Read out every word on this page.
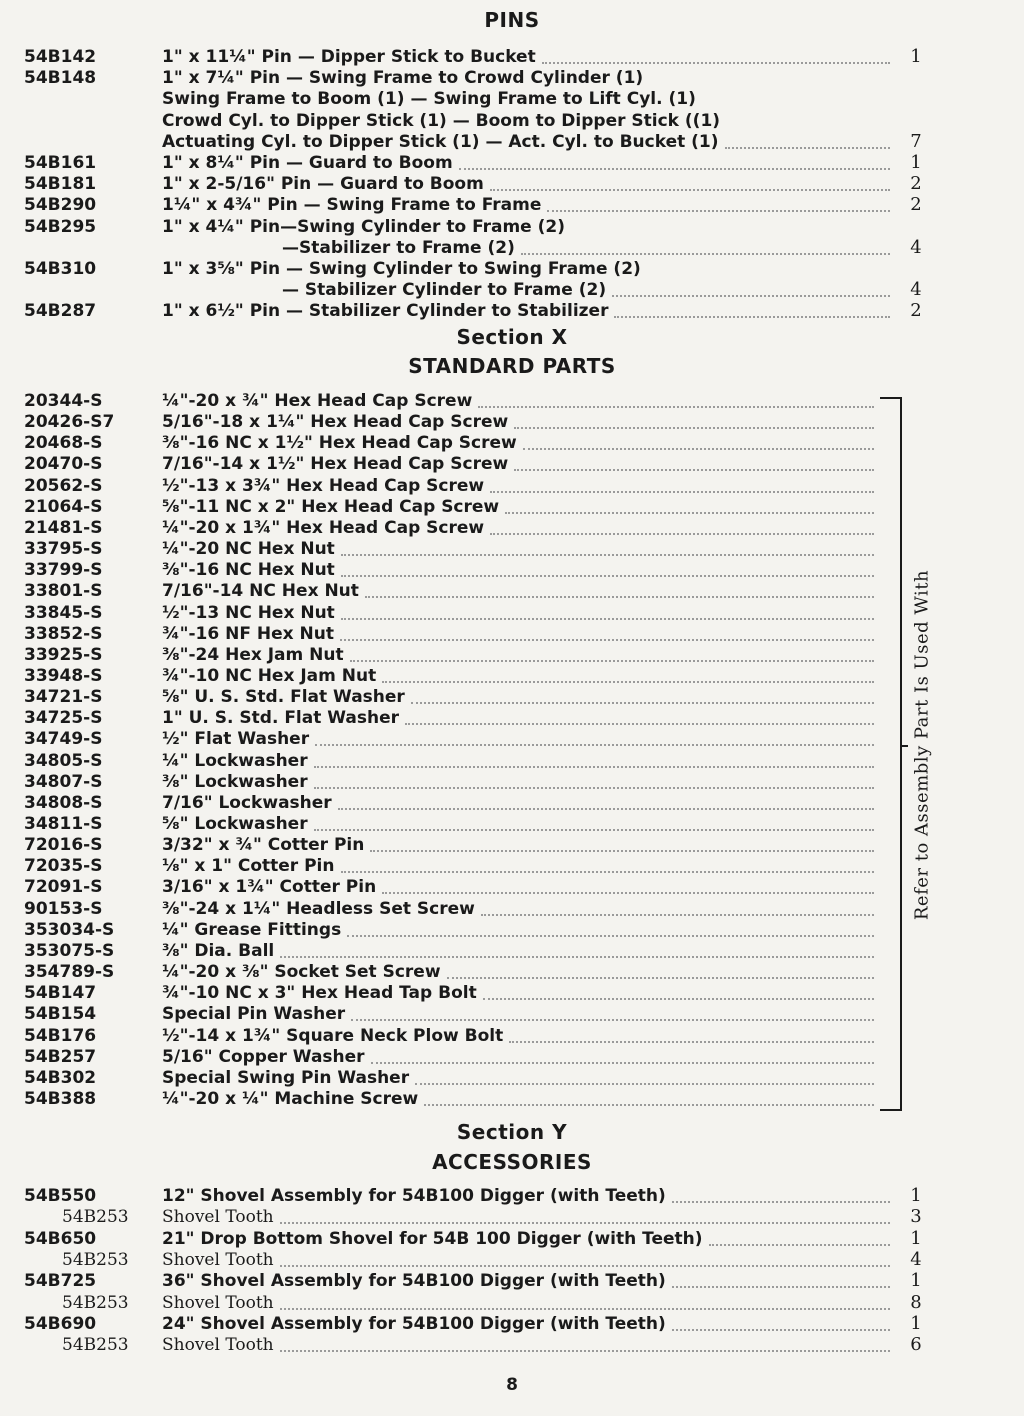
PINS
54B142	1" x 11¼" Pin — Dipper Stick to Bucket	1
54B148	1" x 7¼" Pin — Swing Frame to Crowd Cylinder (1)
Swing Frame to Boom (1) — Swing Frame to Lift Cyl. (1)
Crowd Cyl. to Dipper Stick (1) — Boom to Dipper Stick ((1)
Actuating Cyl. to Dipper Stick (1) — Act. Cyl. to Bucket (1)	7
54B161	1" x 8¼" Pin — Guard to Boom	1
54B181	1" x 2-5/16" Pin — Guard to Boom	2
54B290	1¼" x 4¾" Pin — Swing Frame to Frame	2
54B295	1" x 4¼" Pin—Swing Cylinder to Frame (2)
—Stabilizer to Frame (2)	4
54B310	1" x 3⅝" Pin — Swing Cylinder to Swing Frame (2)
— Stabilizer Cylinder to Frame (2)	4
54B287	1" x 6½" Pin — Stabilizer Cylinder to Stabilizer	2
Section X
STANDARD PARTS
20344-S	¼"-20 x ¾" Hex Head Cap Screw
20426-S7	5/16"-18 x 1¼" Hex Head Cap Screw
20468-S	⅜"-16 NC x 1½" Hex Head Cap Screw
20470-S	7/16"-14 x 1½" Hex Head Cap Screw
20562-S	½"-13 x 3¾" Hex Head Cap Screw
21064-S	⅝"-11 NC x 2" Hex Head Cap Screw
21481-S	¼"-20 x 1¾" Hex Head Cap Screw
33795-S	¼"-20 NC Hex Nut
33799-S	⅜"-16 NC Hex Nut
33801-S	7/16"-14 NC Hex Nut
33845-S	½"-13 NC Hex Nut
33852-S	¾"-16 NF Hex Nut
33925-S	⅜"-24 Hex Jam Nut
33948-S	¾"-10 NC Hex Jam Nut
34721-S	⅝" U. S. Std. Flat Washer
34725-S	1" U. S. Std. Flat Washer
34749-S	½" Flat Washer
34805-S	¼" Lockwasher
34807-S	⅜" Lockwasher
34808-S	7/16" Lockwasher
34811-S	⅝" Lockwasher
72016-S	3/32" x ¾" Cotter Pin
72035-S	⅛" x 1" Cotter Pin
72091-S	3/16" x 1¾" Cotter Pin
90153-S	⅜"-24 x 1¼" Headless Set Screw
353034-S	¼" Grease Fittings
353075-S	⅜" Dia. Ball
354789-S	¼"-20 x ⅜" Socket Set Screw
54B147	¾"-10 NC x 3" Hex Head Tap Bolt
54B154	Special Pin Washer
54B176	½"-14 x 1¾" Square Neck Plow Bolt
54B257	5/16" Copper Washer
54B302	Special Swing Pin Washer
54B388	¼"-20 x ¼" Machine Screw
Refer to Assembly Part Is Used With
Section Y
ACCESSORIES
54B550	12" Shovel Assembly for 54B100 Digger (with Teeth)	1
54B253 Shovel Tooth	3
54B650	21" Drop Bottom Shovel for 54B 100 Digger (with Teeth)	1
54B253 Shovel Tooth	4
54B725	36" Shovel Assembly for 54B100 Digger (with Teeth)	1
54B253 Shovel Tooth	8
54B690	24" Shovel Assembly for 54B100 Digger (with Teeth)	1
54B253 Shovel Tooth	6
8
